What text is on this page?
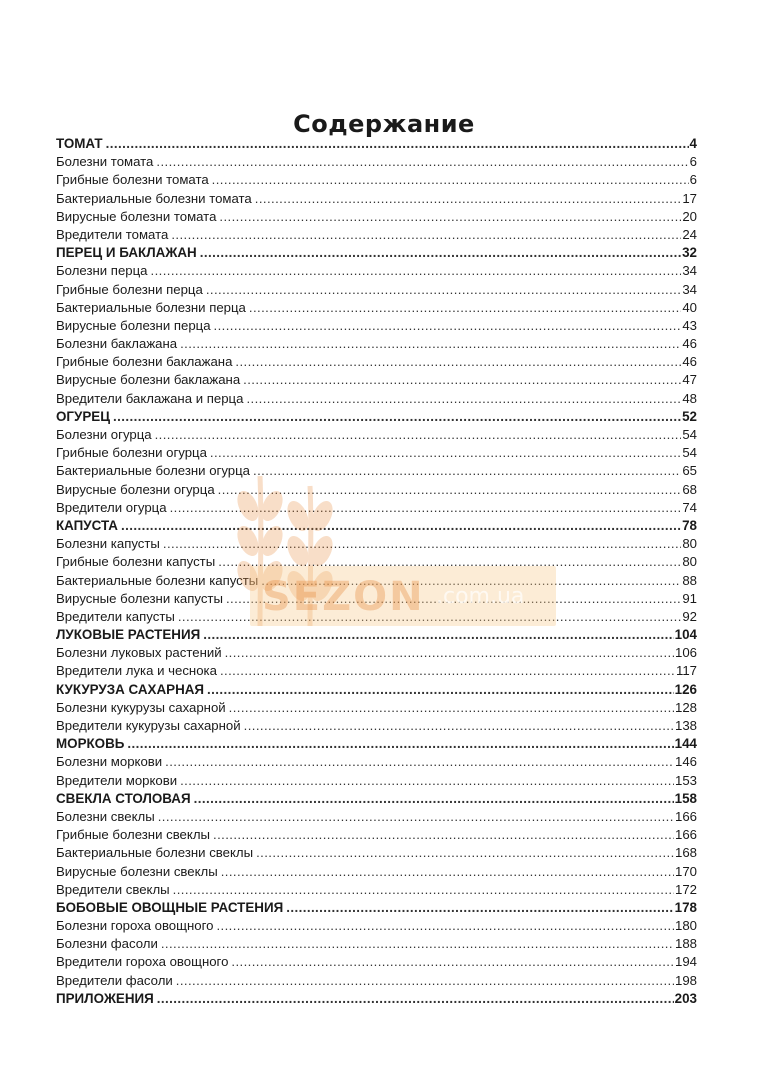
Содержание
ТОМАТ .....	4
Болезни томата .....	6
Грибные болезни томата .....	6
Бактериальные болезни томата .....	17
Вирусные болезни томата .....	20
Вредители томата .....	24
ПЕРЕЦ И БАКЛАЖАН .....	32
Болезни перца .....	34
Грибные болезни перца .....	34
Бактериальные болезни перца .....	40
Вирусные болезни перца .....	43
Болезни баклажана .....	46
Грибные болезни баклажана .....	46
Вирусные болезни баклажана .....	47
Вредители баклажана и перца .....	48
ОГУРЕЦ .....	52
Болезни огурца .....	54
Грибные болезни огурца .....	54
Бактериальные болезни огурца .....	65
Вирусные болезни огурца .....	68
Вредители огурца .....	74
КАПУСТА .....	78
Болезни капусты .....	80
Грибные болезни капусты .....	80
Бактериальные болезни капусты .....	88
Вирусные болезни капусты .....	91
Вредители капусты .....	92
ЛУКОВЫЕ РАСТЕНИЯ .....	104
Болезни луковых растений .....	106
Вредители лука и чеснока .....	117
КУКУРУЗА САХАРНАЯ .....	126
Болезни кукурузы сахарной .....	128
Вредители кукурузы сахарной .....	138
МОРКОВЬ .....	144
Болезни моркови .....	146
Вредители моркови .....	153
СВЕКЛА СТОЛОВАЯ .....	158
Болезни свеклы .....	166
Грибные болезни свеклы .....	166
Бактериальные болезни свеклы .....	168
Вирусные болезни свеклы .....	170
Вредители свеклы .....	172
БОБОВЫЕ ОВОЩНЫЕ РАСТЕНИЯ .....	178
Болезни гороха овощного .....	180
Болезни фасоли .....	188
Вредители гороха овощного .....	194
Вредители фасоли .....	198
ПРИЛОЖЕНИЯ .....	203
SEZON .com.ua
